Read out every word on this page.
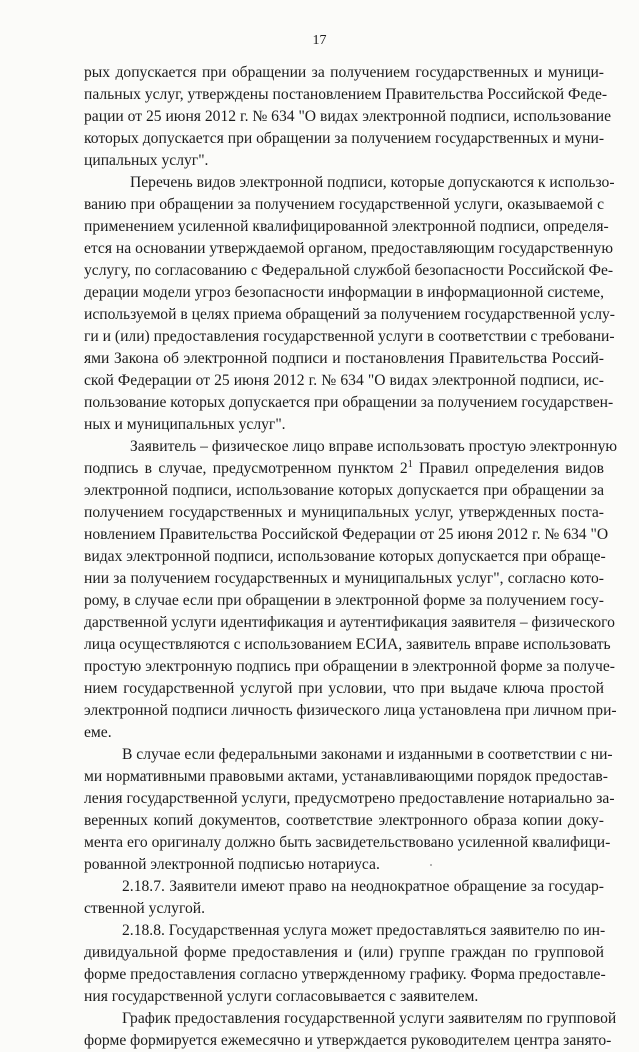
17
рых допускается при обращении за получением государственных и муници-
пальных услуг, утверждены постановлением Правительства Российской Феде-
рации от 25 июня 2012 г. № 634 "О видах электронной подписи, использование
которых допускается при обращении за получением государственных и муни-
ципальных услуг".
Перечень видов электронной подписи, которые допускаются к использо-
ванию при обращении за получением государственной услуги, оказываемой с
применением усиленной квалифицированной электронной подписи, определя-
ется на основании утверждаемой органом, предоставляющим государственную
услугу, по согласованию с Федеральной службой безопасности Российской Фе-
дерации модели угроз безопасности информации в информационной системе,
используемой в целях приема обращений за получением государственной услу-
ги и (или) предоставления государственной услуги в соответствии с требовани-
ями Закона об электронной подписи и постановления Правительства Россий-
ской Федерации от 25 июня 2012 г. № 634 "О видах электронной подписи, ис-
пользование которых допускается при обращении за получением государствен-
ных и муниципальных услуг".
Заявитель – физическое лицо вправе использовать простую электронную
подпись в случае, предусмотренном пунктом $2^1$ Правил определения видов
электронной подписи, использование которых допускается при обращении за
получением государственных и муниципальных услуг, утвержденных поста-
новлением Правительства Российской Федерации от 25 июня 2012 г. № 634 "О
видах электронной подписи, использование которых допускается при обраще-
нии за получением государственных и муниципальных услуг", согласно кото-
рому, в случае если при обращении в электронной форме за получением госу-
дарственной услуги идентификация и аутентификация заявителя – физического
лица осуществляются с использованием ЕСИА, заявитель вправе использовать
простую электронную подпись при обращении в электронной форме за получе-
нием государственной услугой при условии, что при выдаче ключа простой
электронной подписи личность физического лица установлена при личном при-
еме.
В случае если федеральными законами и изданными в соответствии с ни-
ми нормативными правовыми актами, устанавливающими порядок предостав-
ления государственной услуги, предусмотрено предоставление нотариально за-
веренных копий документов, соответствие электронного образа копии доку-
мента его оригиналу должно быть засвидетельствовано усиленной квалифици-
рованной электронной подписью нотариуса.
2.18.7. Заявители имеют право на неоднократное обращение за государ-
ственной услугой.
2.18.8. Государственная услуга может предоставляться заявителю по ин-
дивидуальной форме предоставления и (или) группе граждан по групповой
форме предоставления согласно утвержденному графику. Форма предоставле-
ния государственной услуги согласовывается с заявителем.
График предоставления государственной услуги заявителям по групповой
форме формируется ежемесячно и утверждается руководителем центра занято-
